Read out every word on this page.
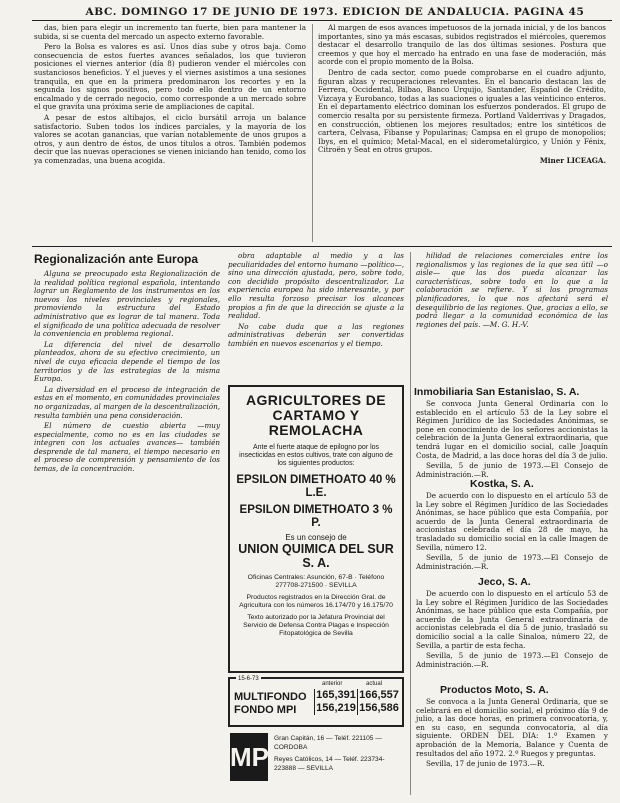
ABC. DOMINGO 17 DE JUNIO DE 1973. EDICION DE ANDALUCIA. PAGINA 45

das, bien para elegir un incremento tan fuerte, bien para mantener la subida, si se cuenta del mercado un aspecto externo favorable.

Pero la Bolsa es valores es así. Unos días sube y otros baja. Como consecuencia de estos fuertes avances señalados, los que tuvieron posiciones el viernes anterior (día 8) pudieron vender el miércoles con sustanciosos beneficios. Y el jueves y el viernes asistimos a una sesiones tranquila, en que en la primera predominaron los recortes y en la segunda los signos positivos, pero todo ello dentro de un entorno encalmado y de cerrado negocio, como corresponde a un mercado sobre el que gravita una próxima serie de ampliaciones de capital.

A pesar de estos altibajos, el ciclo bursátil arroja un balance satisfactorio. Suben todos los índices parciales, y la mayoría de los valores se acotan ganancias, que varían notablemente de unos grupos a otros, y aun dentro de éstos, de unos títulos a otros. También podemos decir que las nuevas operaciones se vienen iniciando han tenido, como los ya comenzadas, una buena acogida.

Al margen de esos avances impetuosos de la jornada inicial, y de los bancos importantes, sino ya más escasas, subidos registrados el miércoles, queremos destacar el desarrollo tranquilo de las dos últimas sesiones. Postura que creemos y que hoy el mercado ha entrado en una fase de moderación, más acorde con el propio momento de la Bolsa.

Dentro de cada sector, como puede comprobarse en el cuadro adjunto, figuran alzas y recuperaciones relevantes. En el bancario destacan las de Ferrera, Occidental, Bilbao, Banco Urquijo, Santander, Español de Crédito, Vizcaya y Eurobanco, todas a las suaciones o iguales a las veinticinco enteros. En el departamento eléctrico dominan los esfuerzos ponderados. El grupo de comercio resalta por su persistente firmeza. Portland Valderrivas y Dragados, en construcción, obtienen los mejores resultados; entre los sintéticos de cartera, Celvasa, Fibanse y Popularinas; Campsa en el grupo de monopolios; Ibys, en el químico; Metal-Macal, en el siderometalúrgico, y Unión y Fénix, Citroën y Seat en otros grupos.

Miner LICEAGA.

Regionalización ante Europa

Alguna se preocupado esta Regionalización de la realidad política regional española, intentando lograr un Reglamento de los instrumentos en los nuevos los niveles provinciales y regionales, promoviendo la estructura del Estado administrativo que es lograr de tal manera. Toda el significado de una política adecuada de resolver la conveniencia en problema regional.

La diferencia del nivel de desarrollo planteados, ahora de su efectivo crecimiento, un nivel de cuya eficacia depende el tiempo de los territorios y de las estrategias de la misma Europa.

La diversidad en el proceso de integración de estas en el momento, en comunidades provinciales no organizadas, al margen de la descentralización, resulta también una pena consideración.

El número de cuestio abierta —muy especialmente, como no es en las ciudades se integren con los actuales avances— también desprende de tal manera, el tiempo necesario en el proceso de comprensión y pensamiento de los temas, de la concentración.

obra adaptable al medio y a las peculiaridades del entorno humano —político—, sino una dirección ajustada, pero, sobre todo, con decidido propósito descentralizador. La experiencia europea ha sido interesante, y por ello resulta forzoso precisar los alcances propios a fin de que la dirección se ajuste a la realidad.

No cabe duda que a las regiones administrativas deberán ser convertidas también en nuevos escenarios y el tiempo.

AGRICULTORES DE CARTAMO Y REMOLACHA
Ante el fuerte ataque de epilogno por los insecticidas en estos cultivos, trate con alguno de los siguientes productos:
EPSILON DIMETHOATO 40 % L.E.
EPSILON DIMETHOATO 3 % P.
Es un consejo de
UNION QUIMICA DEL SUR S. A.
Oficinas Centrales: Asunción, 67-B · Teléfono 277708-271500 · SEVILLA
Productos registrados en la Dirección Gral. de Agricultura con los números 16.174/70 y 16.175/70
Texto autorizado por la Jefatura Provincial del Servicio de Defensa Contra Plagas e Inspección Fitopatológica de Sevilla
15-6-73
anterior	actual
MULTIFONDO
FONDO MPI
165,391 166,557
156,219 156,586
MP
Gran Capitán, 16 — Teléf. 221105 — CORDOBA
Reyes Católicos, 14 — Teléf. 223734-223888 — SEVILLA

hilidad de relaciones comerciales entre los regionalismos y las regiones de la que sea útil —o aisle— que las dos pueda alcanzar las características, sobre todo en lo que a la colaboración se refiere. Y si los programas planificadores, lo que nos afectará será el desequilibrio de las regiones. Que, gracias a ello, se podrá llegar a la comunidad económica de las regiones del país. —M. G. H.-V.

Inmobiliaria San Estanislao, S. A.

Se convoca Junta General Ordinaria con lo establecido en el artículo 53 de la Ley sobre el Régimen Jurídico de las Sociedades Anónimas, se pone en conocimiento de los señores accionistas la celebración de la Junta General extraordinaria, que tendrá lugar en el domicilio social, calle Joaquín Costa, de Madrid, a las doce horas del día 3 de julio.

Sevilla, 5 de junio de 1973.—El Consejo de Administración.—R.

Kostka, S. A.

De acuerdo con lo dispuesto en el artículo 53 de la Ley sobre el Régimen Jurídico de las Sociedades Anónimas, se hace público que esta Compañía, por acuerdo de la Junta General extraordinaria de accionistas celebrada el día 28 de mayo, ha trasladado su domicilio social en la calle Imagen de Sevilla, número 12.

Sevilla, 5 de junio de 1973.—El Consejo de Administración.—R.

Jeco, S. A.

De acuerdo con lo dispuesto en el artículo 53 de la Ley sobre el Régimen Jurídico de las Sociedades Anónimas, se hace público que esta Compañía, por acuerdo de la Junta General extraordinaria de accionistas celebrada el día 5 de junio, trasladó su domicilio social a la calle Sinaloa, número 22, de Sevilla, a partir de esta fecha.

Sevilla, 5 de junio de 1973.—El Consejo de Administración.—R.

Productos Moto, S. A.

Se convoca a la Junta General Ordinaria, que se celebrará en el domicilio social, el próximo día 9 de julio, a las doce horas, en primera convocatoria, y, en su caso, en segunda convocatoria, al día siguiente. ORDEN DEL DIA: 1.º Examen y aprobación de la Memoria, Balance y Cuenta de resultados del año 1972. 2.º Ruegos y preguntas.

Sevilla, 17 de junio de 1973.—R.
